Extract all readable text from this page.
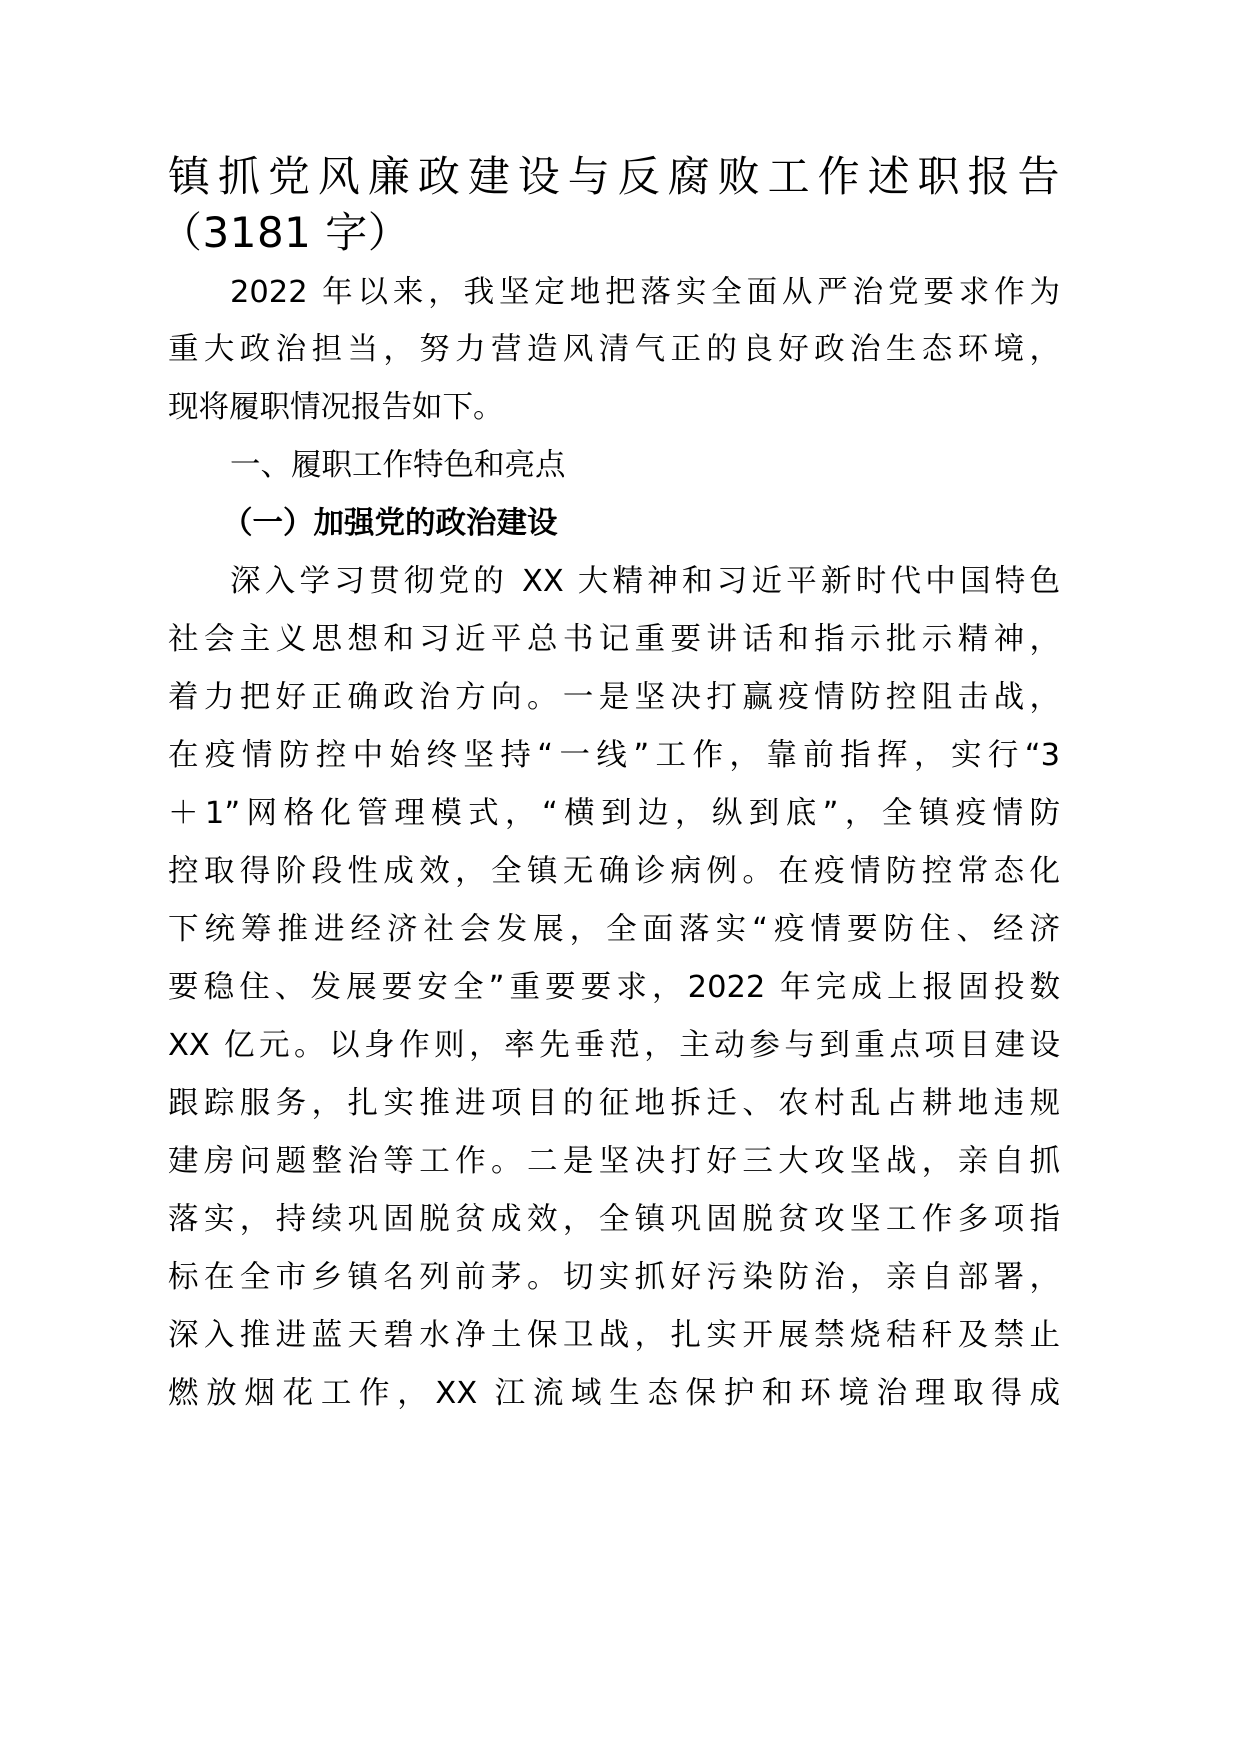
镇抓党风廉政建设与反腐败工作述职报告
（3181 字）
2022 年以来，我坚定地把落实全面从严治党要求作为
重大政治担当，努力营造风清气正的良好政治生态环境，
现将履职情况报告如下。
一、履职工作特色和亮点
（一）加强党的政治建设
深入学习贯彻党的 XX 大精神和习近平新时代中国特色
社会主义思想和习近平总书记重要讲话和指示批示精神，
着力把好正确政治方向。一是坚决打赢疫情防控阻击战，
在疫情防控中始终坚持“一线”工作，靠前指挥，实行“3
＋1”网格化管理模式，“横到边，纵到底”，全镇疫情防
控取得阶段性成效，全镇无确诊病例。在疫情防控常态化
下统筹推进经济社会发展，全面落实“疫情要防住、经济
要稳住、发展要安全”重要要求，2022 年完成上报固投数
XX 亿元。以身作则，率先垂范，主动参与到重点项目建设
跟踪服务，扎实推进项目的征地拆迁、农村乱占耕地违规
建房问题整治等工作。二是坚决打好三大攻坚战，亲自抓
落实，持续巩固脱贫成效，全镇巩固脱贫攻坚工作多项指
标在全市乡镇名列前茅。切实抓好污染防治，亲自部署，
深入推进蓝天碧水净土保卫战，扎实开展禁烧秸秆及禁止
燃放烟花工作，XX 江流域生态保护和环境治理取得成
